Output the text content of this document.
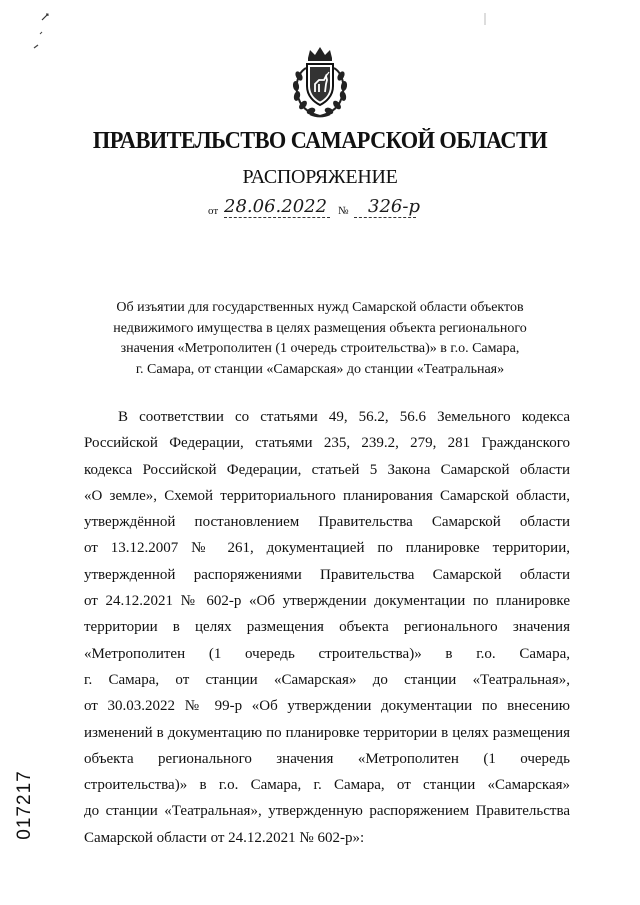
ПРАВИТЕЛЬСТВО САМАРСКОЙ ОБЛАСТИ
РАСПОРЯЖЕНИЕ
от 28.06.2022 № 326-р
Об изъятии для государственных нужд Самарской области объектов
недвижимого имущества в целях размещения объекта регионального
значения «Метрополитен (1 очередь строительства)» в г.о. Самара,
г. Самара, от станции «Самарская» до станции «Театральная»
В соответствии со статьями 49, 56.2, 56.6 Земельного кодекса
Российской Федерации, статьями 235, 239.2, 279, 281 Гражданского
кодекса Российской Федерации, статьей 5 Закона Самарской области
«О земле», Схемой территориального планирования Самарской области,
утверждённой постановлением Правительства Самарской области
от 13.12.2007 № 261, документацией по планировке территории,
утвержденной распоряжениями Правительства Самарской области
от 24.12.2021 № 602-р «Об утверждении документации по планировке
территории в целях размещения объекта регионального значения
«Метрополитен (1 очередь строительства)» в г.о. Самара,
г. Самара, от станции «Самарская» до станции «Театральная»,
от 30.03.2022 № 99-р «Об утверждении документации по внесению
изменений в документацию по планировке территории в целях размещения
объекта регионального значения «Метрополитен (1 очередь
строительства)» в г.о. Самара, г. Самара, от станции «Самарская»
до станции «Театральная», утвержденную распоряжением Правительства
Самарской области от 24.12.2021 № 602-р»:
017217
